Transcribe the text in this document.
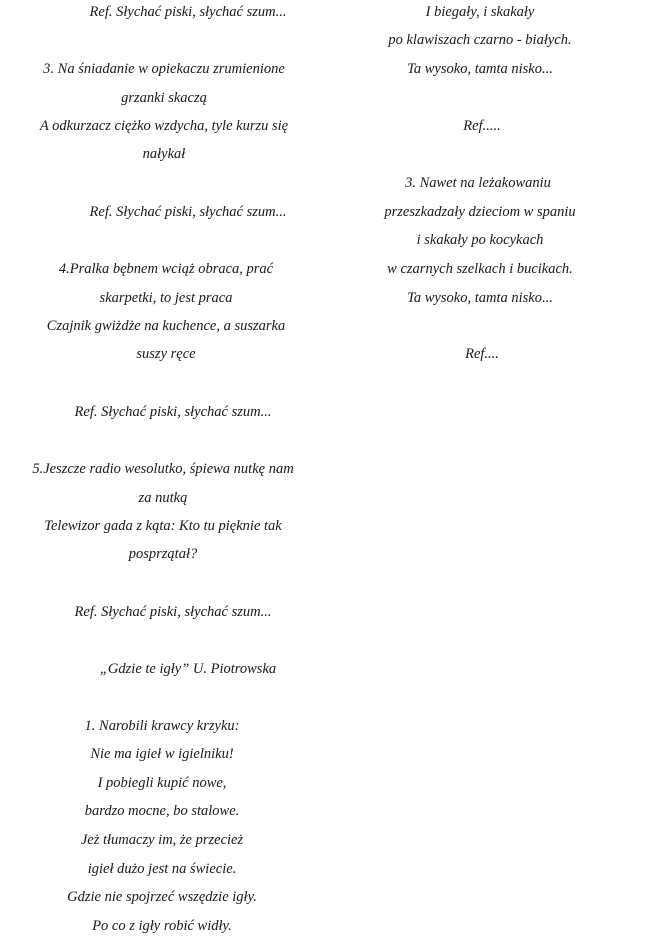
Ref. Słychać piski, słychać szum...
3. Na śniadanie w opiekaczu zrumienione
grzanki skaczą
A odkurzacz ciężko wzdycha, tyle kurzu się
nałykał
Ref. Słychać piski, słychać szum...
4.Pralka bębnem wciąż obraca, prać
skarpetki, to jest praca
Czajnik gwiżdże na kuchence, a suszarka
suszy ręce
Ref. Słychać piski, słychać szum...
5.Jeszcze radio wesolutko, śpiewa nutkę nam
za nutką
Telewizor gada z kąta: Kto tu pięknie tak
posprzątał?
Ref. Słychać piski, słychać szum...
„Gdzie te igły” U. Piotrowska
1. Narobili krawcy krzyku:
Nie ma igieł w igielniku!
I pobiegli kupić nowe,
bardzo mocne, bo stalowe.
Jeż tłumaczy im, że przecież
igieł dużo jest na świecie.
Gdzie nie spojrzeć wszędzie igły.
Po co z igły robić widły.
I biegały, i skakały
po klawiszach czarno - białych.
Ta wysoko, tamta nisko...
Ref.....
3. Nawet na leżakowaniu
przeszkadzały dzieciom w spaniu
i skakały po kocykach
w czarnych szelkach i bucikach.
Ta wysoko, tamta nisko...
Ref....
